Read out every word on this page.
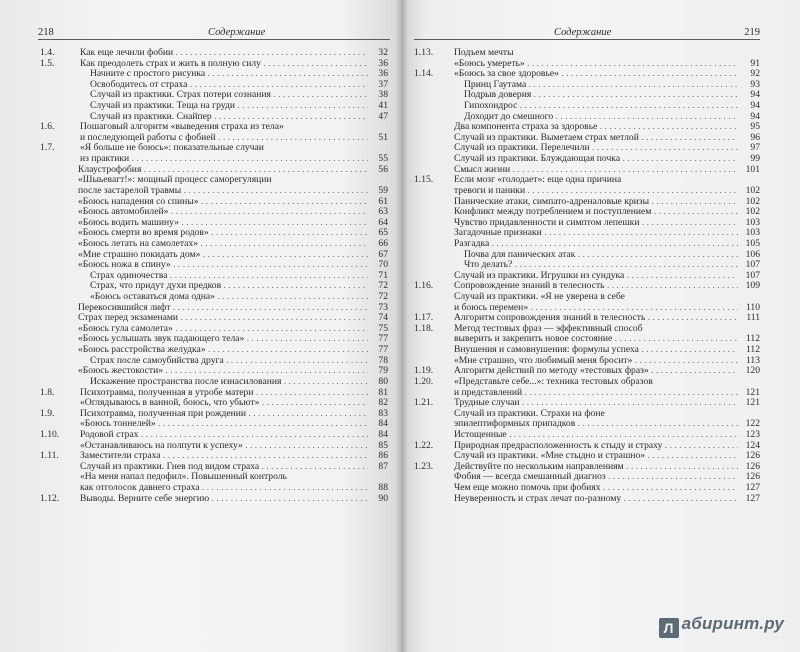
218	Содержание
1.4.	Как еще лечили фобии . . .	32
1.5.	Как преодолеть страх и жить в полную силу . . .	36
Начните с простого рисунка . . .	36
Освободитесь от страха . . .	37
Случай из практики. Страх потери сознания . . .	38
Случай из практики. Теща на груди . . .	41
Случай из практики. Снайпер . . .	47
1.6.	Пошаговый алгоритм «выведения страха из тела»
и последующей работы с фобией . . .	51
1.7.	«Я больше не боюсь»: показательные случаи
из практики . . .	55
Клаустрофобия . . .	56
«Шыьевагт!»: мощный процесс саморегуляции
после застарелой травмы . . .	59
«Боюсь нападения со спины» . . .	61
«Боюсь автомобилей» . . .	63
«Боюсь водить машину» . . .	64
«Боюсь смерти во время родов» . . .	65
«Боюсь летать на самолетах» . . .	66
«Мне страшно покидать дом» . . .	67
«Боюсь ножа в спину» . . .	70
Страх одиночества . . .	71
Страх, что придут духи предков . . .	72
«Боюсь оставаться дома одна» . . .	72
Перекосившийся лифт . . .	73
Страх перед экзаменами . . .	74
«Боюсь гула самолета» . . .	75
«Боюсь услышать звук падающего тела» . . .	77
«Боюсь расстройства желудка» . . .	77
Страх после самоубийства друга . . .	78
«Боюсь жестокости» . . .	79
Искажение пространства после изнасилования . . .	80
1.8.	Психотравма, полученная в утробе матери . . .	81
«Оглядываюсь в ванной, боюсь, что убьют» . . .	82
1.9.	Психотравма, полученная при рождении . . .	83
«Боюсь тоннелей» . . .	84
1.10. Родовой страх . . .	84
«Останавливаюсь на полпути к успеху» . . .	85
1.11. Заместители страха . . .	86
Случай из практики. Гнев под видом страха . . .	87
«На меня напал педофил». Повышенный контроль
как отголосок давнего страха . . .	88
1.12. Выводы. Верните себе энергию . . .	90
Содержание	219
1.13. Подъем мечты
«Боюсь умереть» . . .	91
1.14. «Боюсь за свое здоровье» . . .	92
Принц Гаутама . . .	93
Подрыв доверия . . .	94
Гипохондрос . . .	94
Доходит до смешного . . .	94
Два компонента страха за здоровье . . .	95
Случай из практики. Выметаем страх метлой . . .	96
Случай из практики. Перелечили . . .	97
Случай из практики. Блуждающая почка . . .	99
Смысл жизни . . .	101
1.15. Если мозг «голодает»: еще одна причина
тревоги и паники . . .	102
Панические атаки, симпато-адреналовые кризы . . .	102
Конфликт между потреблением и поступлением . . .	102
Чувство придавленности и симптом лепешки . . .	103
Загадочные признаки . . .	103
Разгадка . . .	105
Почва для панических атак . . .	106
Что делать? . . .	107
Случай из практики. Игрушки из сундука . . .	107
1.16. Сопровождение знаний в телесность . . .	109
Случай из практики. «Я не уверена в себе
и боюсь перемен» . . .	110
1.17. Алгоритм сопровождения знаний в телесность . . .	111
1.18. Метод тестовых фраз — эффективный способ
выверить и закрепить новое состояние . . .	112
Внушения и самовнушения: формулы успеха . . .	112
«Мне страшно, что любимый меня бросит» . . .	113
1.19. Алгоритм действий по методу «тестовых фраз» . . .	120
1.20. «Представьте себе...»: техника тестовых образов
и представлений . . .	121
1.21. Трудные случаи . . .	121
Случай из практики. Страхи на фоне
эпилептиформных припадков . . .	122
Истощенные . . .	123
1.22. Природная предрасположенность к стыду и страху . . .	124
Случай из практики. «Мне стыдно и страшно» . . .	126
1.23. Действуйте по нескольким направлениям . . .	126
Фобия — всегда смешанный диагноз . . .	126
Чем еще можно помочь при фобиях . . .	127
Неуверенность и страх лечат по-разному . . .	127
Л абиринт.ру
